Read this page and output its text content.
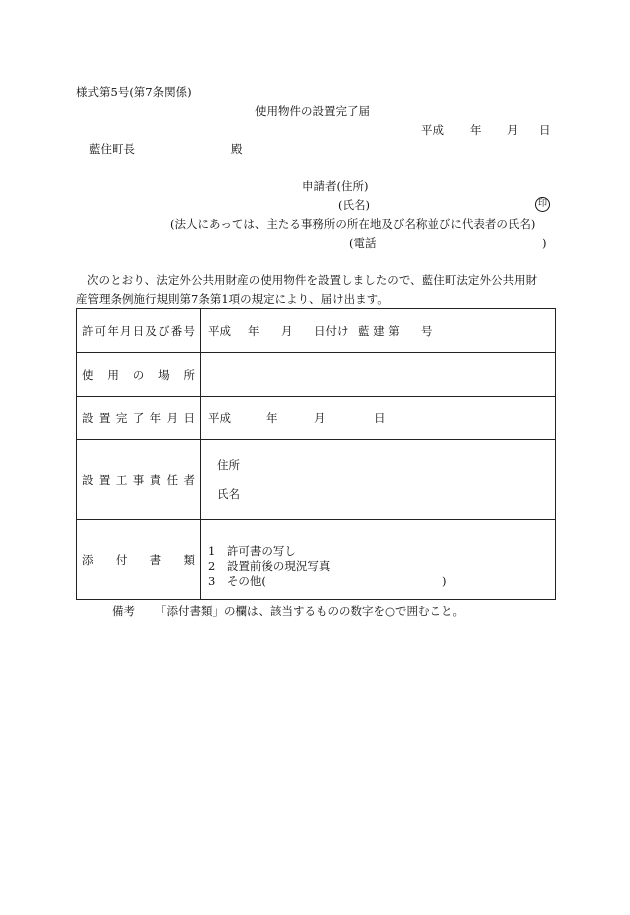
様式第5号(第7条関係)
使用物件の設置完了届
平成 年 月 日
藍住町長	殿
申請者(住所)
(氏名)	印
(法人にあっては、主たる事務所の所在地及び名称並びに代表者の氏名)
(電話	)
次のとおり、法定外公共用財産の使用物件を設置しましたので、藍住町法定外公共用財
産管理条例施行規則第7条第1項の規定により、届け出ます。
許可年月日及び番号	平成 年 月 日付け 藍 建 第 号
使用の場所	
設置完了年月日	平成 年 月 日
設置工事責任者	住所
氏名

添付書類	1　許可書の写し
2　設置前後の現況写真
3　その他( )
備考 「添付書類」の欄は、該当するものの数字を○で囲むこと。
